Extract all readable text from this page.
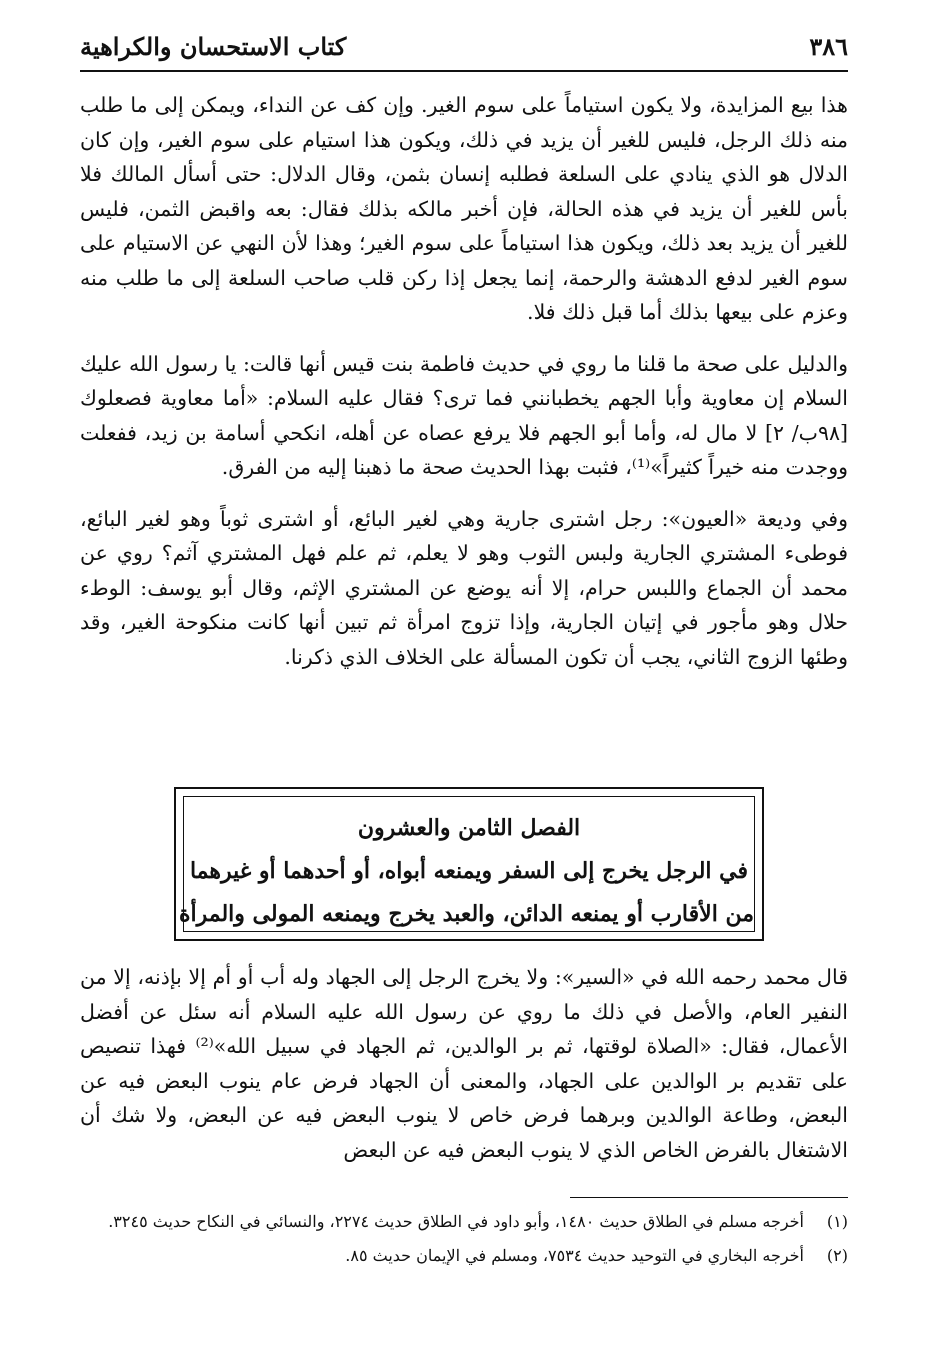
٣٨٦
كتاب الاستحسان والكراهية

هذا بيع المزايدة، ولا يكون استياماً على سوم الغير. وإن كف عن النداء، ويمكن إلى ما طلب منه ذلك الرجل، فليس للغير أن يزيد في ذلك، ويكون هذا استيام على سوم الغير، وإن كان الدلال هو الذي ينادي على السلعة فطلبه إنسان بثمن، وقال الدلال: حتى أسأل المالك فلا بأس للغير أن يزيد في هذه الحالة، فإن أخبر مالكه بذلك فقال: بعه واقبض الثمن، فليس للغير أن يزيد بعد ذلك، ويكون هذا استياماً على سوم الغير؛ وهذا لأن النهي عن الاستيام على سوم الغير لدفع الدهشة والرحمة، إنما يجعل إذا ركن قلب صاحب السلعة إلى ما طلب منه وعزم على بيعها بذلك أما قبل ذلك فلا.

والدليل على صحة ما قلنا ما روي في حديث فاطمة بنت قيس أنها قالت: يا رسول الله عليك السلام إن معاوية وأبا الجهم يخطبانني فما ترى؟ فقال عليه السلام: «أما معاوية فصعلوك [٩٨ب/ ٢] لا مال له، وأما أبو الجهم فلا يرفع عصاه عن أهله، انكحي أسامة بن زيد، ففعلت ووجدت منه خيراً كثيراً»⁽¹⁾، فثبت بهذا الحديث صحة ما ذهبنا إليه من الفرق.

وفي وديعة «العيون»: رجل اشترى جارية وهي لغير البائع، أو اشترى ثوباً وهو لغير البائع، فوطىء المشتري الجارية ولبس الثوب وهو لا يعلم، ثم علم فهل المشتري آثم؟ روي عن محمد أن الجماع واللبس حرام، إلا أنه يوضع عن المشتري الإثم، وقال أبو يوسف: الوطء حلال وهو مأجور في إتيان الجارية، وإذا تزوج امرأة ثم تبين أنها كانت منكوحة الغير، وقد وطئها الزوج الثاني، يجب أن تكون المسألة على الخلاف الذي ذكرنا.

الفصل الثامن والعشرون
في الرجل يخرج إلى السفر ويمنعه أبواه، أو أحدهما أو غيرهما
من الأقارب أو يمنعه الدائن، والعبد يخرج ويمنعه المولى والمرأة

قال محمد رحمه الله في «السير»: ولا يخرج الرجل إلى الجهاد وله أب أو أم إلا بإذنه، إلا من النفير العام، والأصل في ذلك ما روي عن رسول الله عليه السلام أنه سئل عن أفضل الأعمال، فقال: «الصلاة لوقتها، ثم بر الوالدين، ثم الجهاد في سبيل الله»⁽²⁾ فهذا تنصيص على تقديم بر الوالدين على الجهاد، والمعنى أن الجهاد فرض عام ينوب البعض فيه عن البعض، وطاعة الوالدين وبرهما فرض خاص لا ينوب البعض فيه عن البعض، ولا شك أن الاشتغال بالفرض الخاص الذي لا ينوب البعض فيه عن البعض

(١)
أخرجه مسلم في الطلاق حديث ١٤٨٠، وأبو داود في الطلاق حديث ٢٢٧٤، والنسائي في النكاح حديث ٣٢٤٥.
(٢)
أخرجه البخاري في التوحيد حديث ٧٥٣٤، ومسلم في الإيمان حديث ٨٥.
